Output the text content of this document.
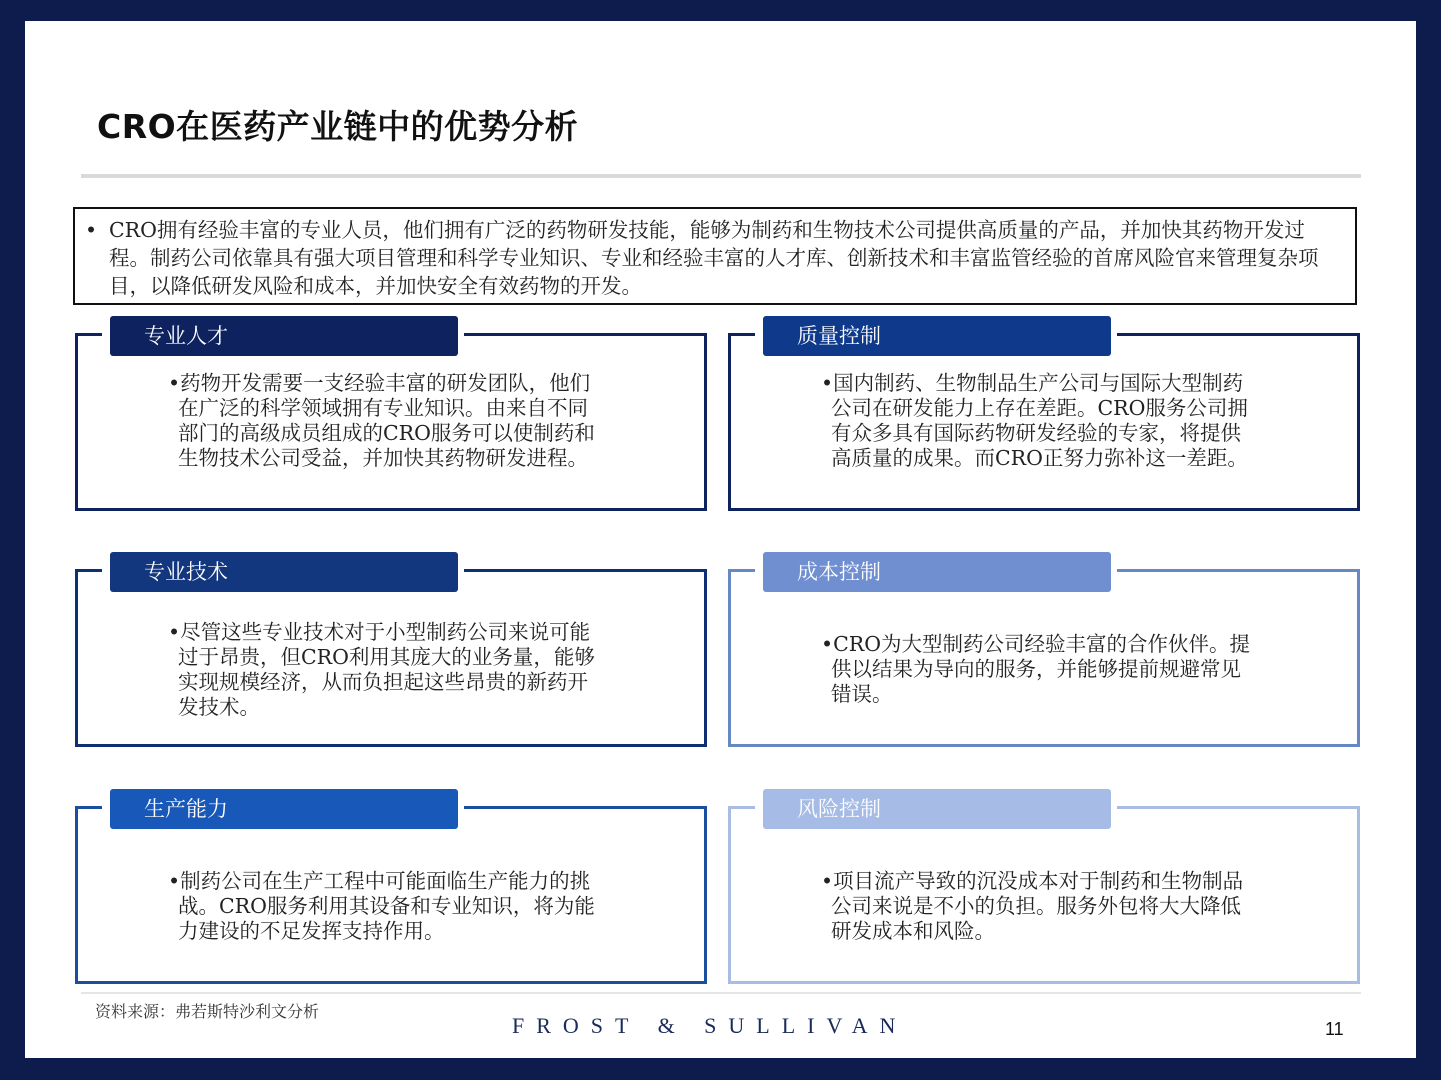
CRO在医药产业链中的优势分析
• CRO拥有经验丰富的专业人员，他们拥有广泛的药物研发技能，能够为制药和生物技术公司提供高质量的产品，并加快其药物开发过程。制药公司依靠具有强大项目管理和科学专业知识、专业和经验丰富的人才库、创新技术和丰富监管经验的首席风险官来管理复杂项目，以降低研发风险和成本，并加快安全有效药物的开发。
专业人才
•药物开发需要一支经验丰富的研发团队，他们在广泛的科学领域拥有专业知识。由来自不同部门的高级成员组成的CRO服务可以使制药和生物技术公司受益，并加快其药物研发进程。
质量控制
•国内制药、生物制品生产公司与国际大型制药公司在研发能力上存在差距。CRO服务公司拥有众多具有国际药物研发经验的专家，将提供高质量的成果。而CRO正努力弥补这一差距。
专业技术
•尽管这些专业技术对于小型制药公司来说可能过于昂贵，但CRO利用其庞大的业务量，能够实现规模经济，从而负担起这些昂贵的新药开发技术。
成本控制
•CRO为大型制药公司经验丰富的合作伙伴。提供以结果为导向的服务，并能够提前规避常见错误。
生产能力
•制药公司在生产工程中可能面临生产能力的挑战。CRO服务利用其设备和专业知识，将为能力建设的不足发挥支持作用。
风险控制
•项目流产导致的沉没成本对于制药和生物制品公司来说是不小的负担。服务外包将大大降低研发成本和风险。
资料来源：弗若斯特沙利文分析
FROST & SULLIVAN	11
